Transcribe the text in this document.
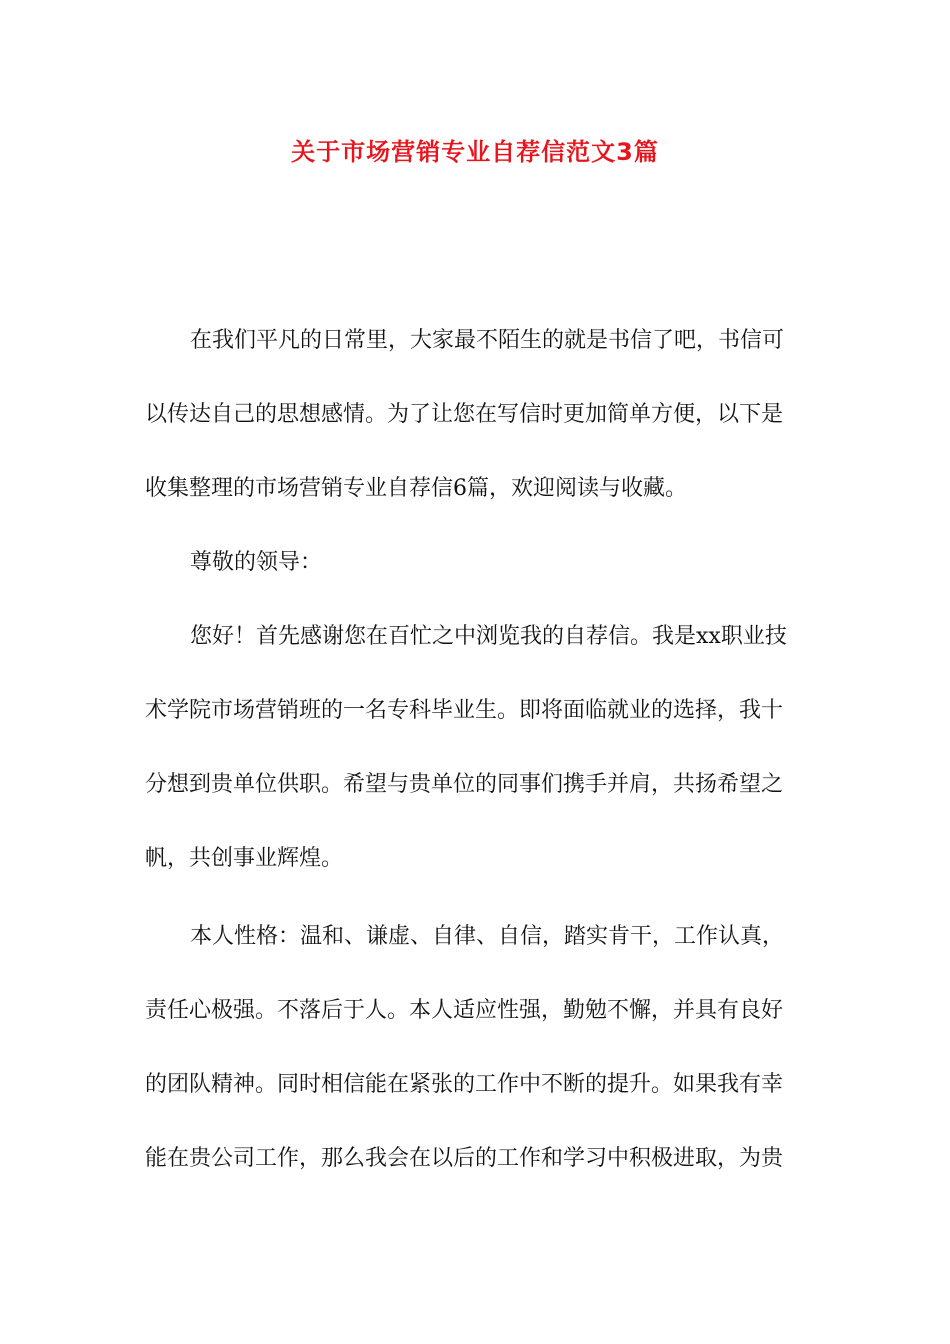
关于市场营销专业自荐信范文3篇
在我们平凡的日常里，大家最不陌生的就是书信了吧，书信可
以传达自己的思想感情。为了让您在写信时更加简单方便，以下是
收集整理的市场营销专业自荐信6篇，欢迎阅读与收藏。
尊敬的领导：
您好！首先感谢您在百忙之中浏览我的自荐信。我是xx职业技
术学院市场营销班的一名专科毕业生。即将面临就业的选择，我十
分想到贵单位供职。希望与贵单位的同事们携手并肩，共扬希望之
帆，共创事业辉煌。
本人性格：温和、谦虚、自律、自信，踏实肯干，工作认真，
责任心极强。不落后于人。本人适应性强，勤勉不懈，并具有良好
的团队精神。同时相信能在紧张的工作中不断的提升。如果我有幸
能在贵公司工作，那么我会在以后的工作和学习中积极进取，为贵
